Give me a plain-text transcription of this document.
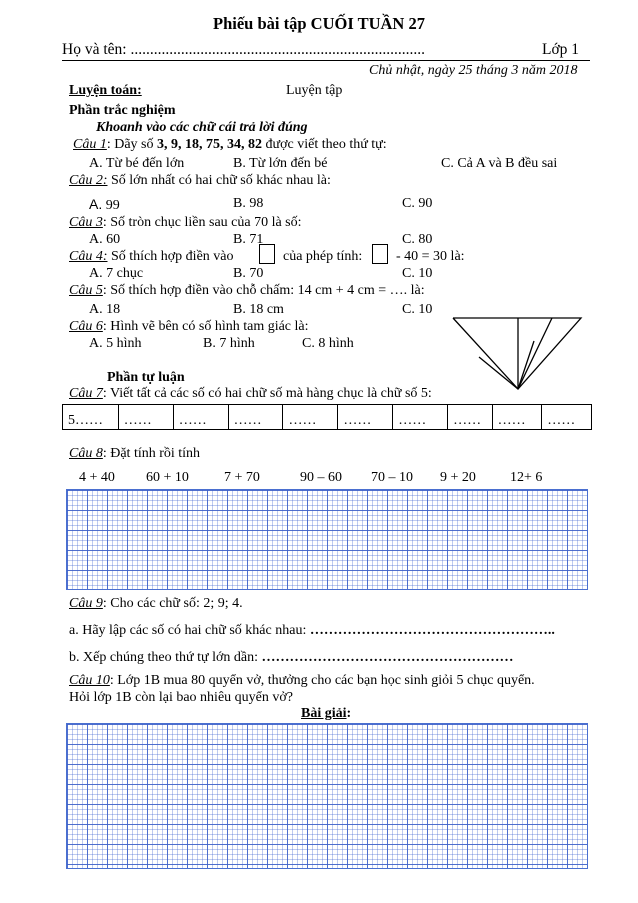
Phiếu bài tập CUỐI TUẦN 27
Họ và tên: ............................................................................	Lớp 1
Chủ nhật, ngày 25 tháng 3 năm 2018
Luyện toán:	Luyện tập
Phần trắc nghiệm
Khoanh vào các chữ cái trả lời đúng
Câu 1: Dãy số 3, 9, 18, 75, 34, 82 được viết theo thứ tự:
A. Từ bé đến lớn	B. Từ lớn đến bé	C. Cả A và B đều sai
Câu 2: Số lớn nhất có hai chữ số khác nhau là:
A. 99	B. 98	C. 90
Câu 3: Số tròn chục liền sau của 70 là số:
A. 60	B. 71	C. 80
Câu 4: Số thích hợp điền vào	của phép tính: - 40 = 30 là:
A. 7 chục	B. 70	C. 10
Câu 5: Số thích hợp điền vào chỗ chấm: 14 cm + 4 cm = …. là:
A. 18	B. 18 cm	C. 10
Câu 6: Hình vẽ bên có số hình tam giác là:
A. 5 hình	B. 7 hình	C. 8 hình
Phần tự luận
Câu 7: Viết tất cả các số có hai chữ số mà hàng chục là chữ số 5:
5……	……	……	……	……	……	……	……	……	……
Câu 8: Đặt tính rồi tính
4 + 40 60 + 10	7 + 70	90 – 60 70 – 10 9 + 20 12+ 6
Câu 9: Cho các chữ số: 2; 9; 4.
a. Hãy lập các số có hai chữ số khác nhau: ……………………………………………..
b. Xếp chúng theo thứ tự lớn dần: ………………………………………………
Câu 10: Lớp 1B mua 80 quyển vở, thưởng cho các bạn học sinh giỏi 5 chục quyển.
Hỏi lớp 1B còn lại bao nhiêu quyển vở?
Bài giải:
